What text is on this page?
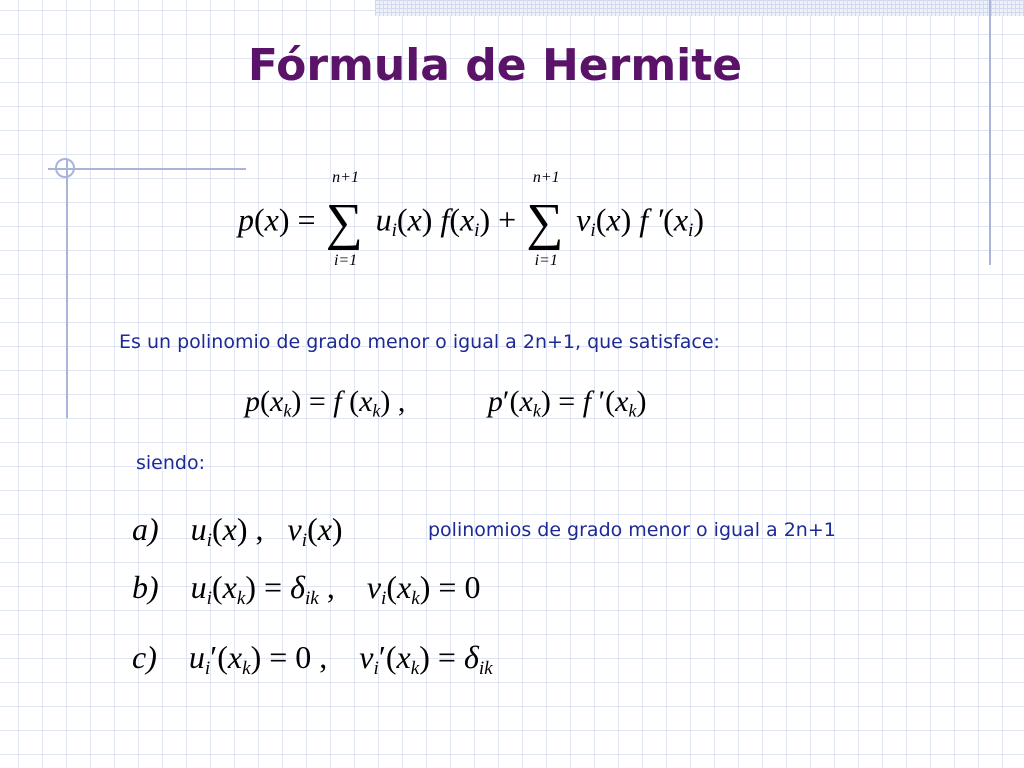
Fórmula de Hermite
p(x) =
n+1
∑
i=1
$u_i(x) f(x_i)$ +
n+1
∑
i=1
$v_i(x)$ f $'(x_i)$
Es un polinomio de grado menor o igual a 2n+1, que satisface:
$p(x_k) = f$ $(x_k)$ ,           $p'(x_k) = f$ $'(x_k)$
siendo:
a) $u_i(x)$ ,   $v_i(x)$	polinomios de grado menor o igual a 2n+1
b) $u_i(x_k) = \delta_{ik}$ ,    $v_i(x_k) = 0$
c) $u_i'(x_k) = 0$ ,    $v_i'(x_k) = \delta_{ik}$
